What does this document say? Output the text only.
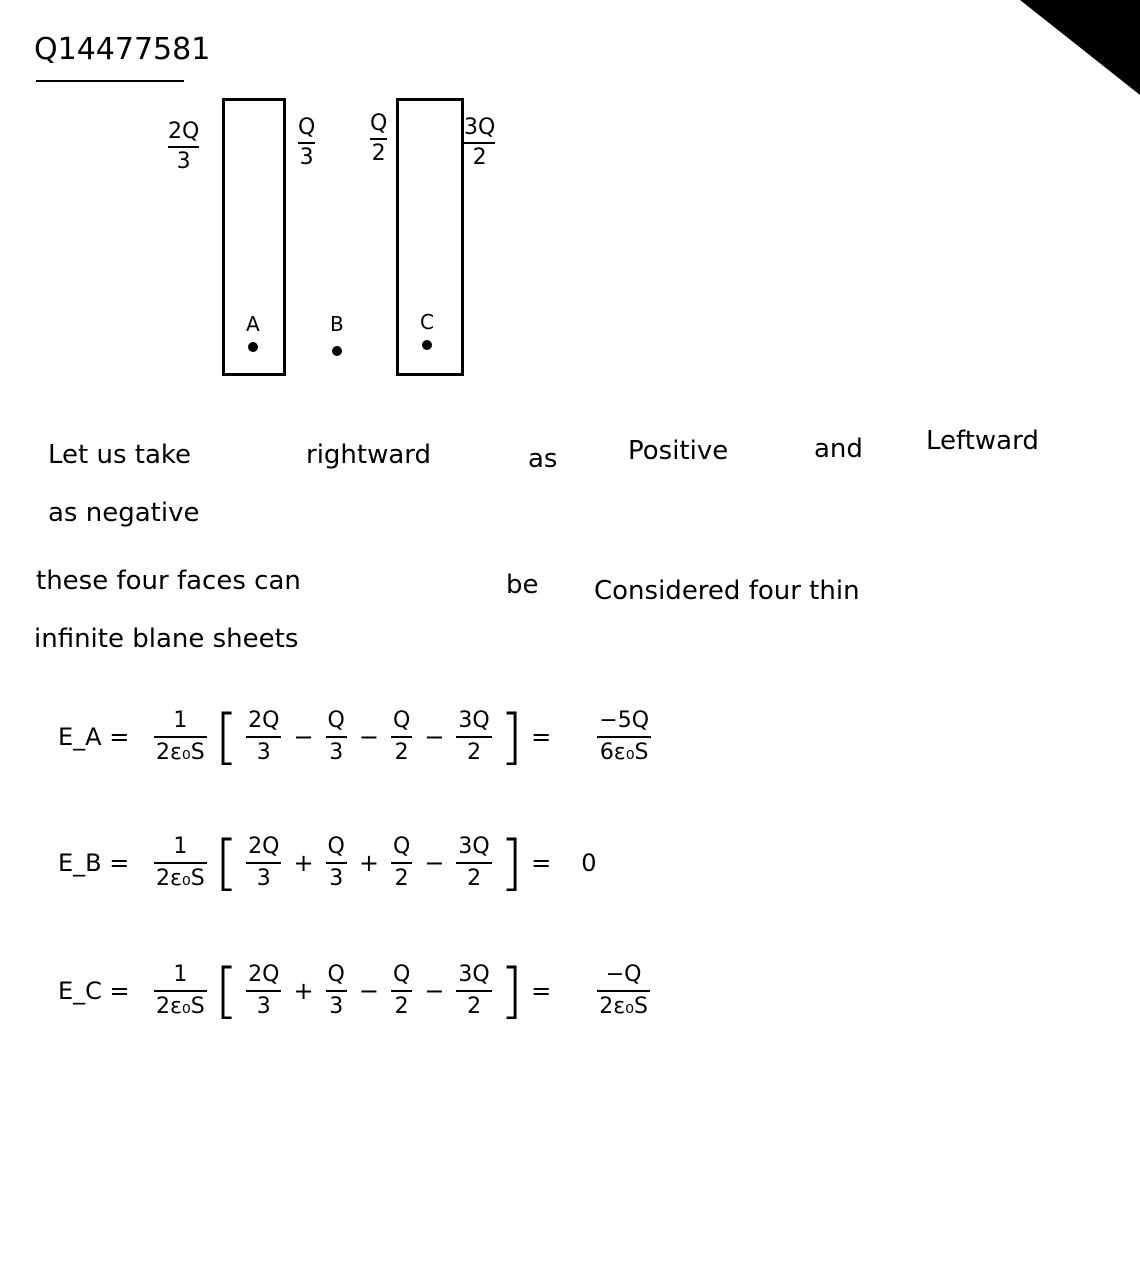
Q14477581
2Q
3
Q
3
Q
2
3Q
2
A	B	C
Let us take	rightward	as	Positive	and Leftward
as negative
these four faces can	be Considered four thin
infinite blane sheets
E_A =
1
2ε₀S [ 2Q
3
−
Q
3
−
Q
2
−
3Q
2 ] =
−5Q
6ε₀S
E_B =
1
2ε₀S [ 2Q
3
+
Q
3
+
Q
2
−
3Q
2 ] = 0
E_C =
1
2ε₀S [ 2Q
3
+
Q
3
−
Q
2
−
3Q
2 ] =
−Q
2ε₀S
